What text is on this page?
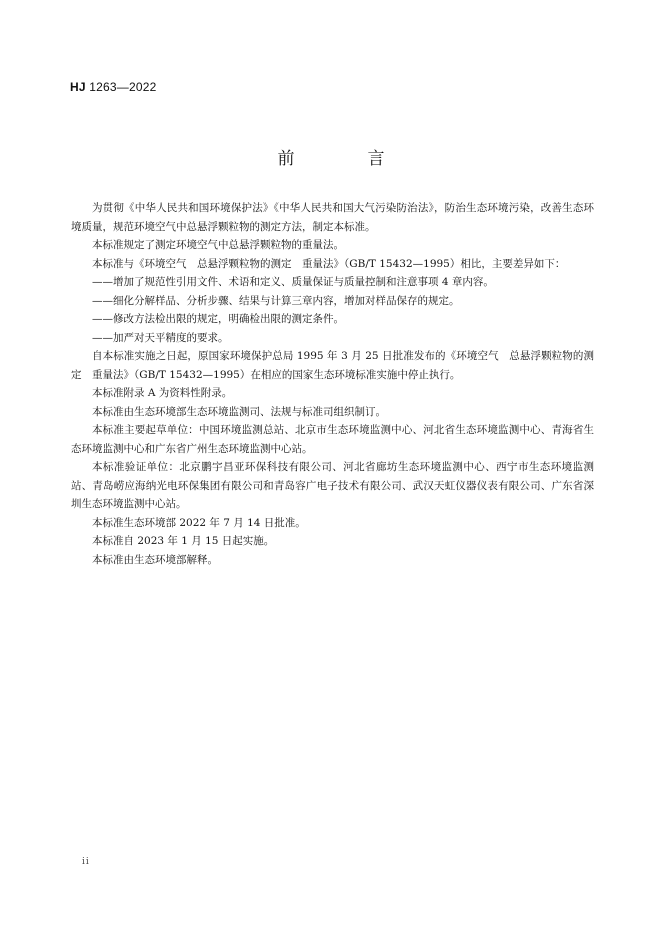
HJ 1263—2022
前　言

为贯彻《中华人民共和国环境保护法》《中华人民共和国大气污染防治法》，防治生态环境污染，改善生态环境质量，规范环境空气中总悬浮颗粒物的测定方法，制定本标准。

本标准规定了测定环境空气中总悬浮颗粒物的重量法。

本标准与《环境空气　总悬浮颗粒物的测定　重量法》（GB/T 15432—1995）相比，主要差异如下：

——增加了规范性引用文件、术语和定义、质量保证与质量控制和注意事项 4 章内容。

——细化分解样品、分析步骤、结果与计算三章内容，增加对样品保存的规定。

——修改方法检出限的规定，明确检出限的测定条件。

——加严对天平精度的要求。

自本标准实施之日起，原国家环境保护总局 1995 年 3 月 25 日批准发布的《环境空气　总悬浮颗粒物的测定　重量法》（GB/T 15432—1995）在相应的国家生态环境标准实施中停止执行。

本标准附录 A 为资料性附录。

本标准由生态环境部生态环境监测司、法规与标准司组织制订。

本标准主要起草单位：中国环境监测总站、北京市生态环境监测中心、河北省生态环境监测中心、青海省生态环境监测中心和广东省广州生态环境监测中心站。

本标准验证单位：北京鹏宇昌亚环保科技有限公司、河北省廊坊生态环境监测中心、西宁市生态环境监测站、青岛崂应海纳光电环保集团有限公司和青岛容广电子技术有限公司、武汉天虹仪器仪表有限公司、广东省深圳生态环境监测中心站。

本标准生态环境部 2022 年 7 月 14 日批准。

本标准自 2023 年 1 月 15 日起实施。

本标准由生态环境部解释。

ii
